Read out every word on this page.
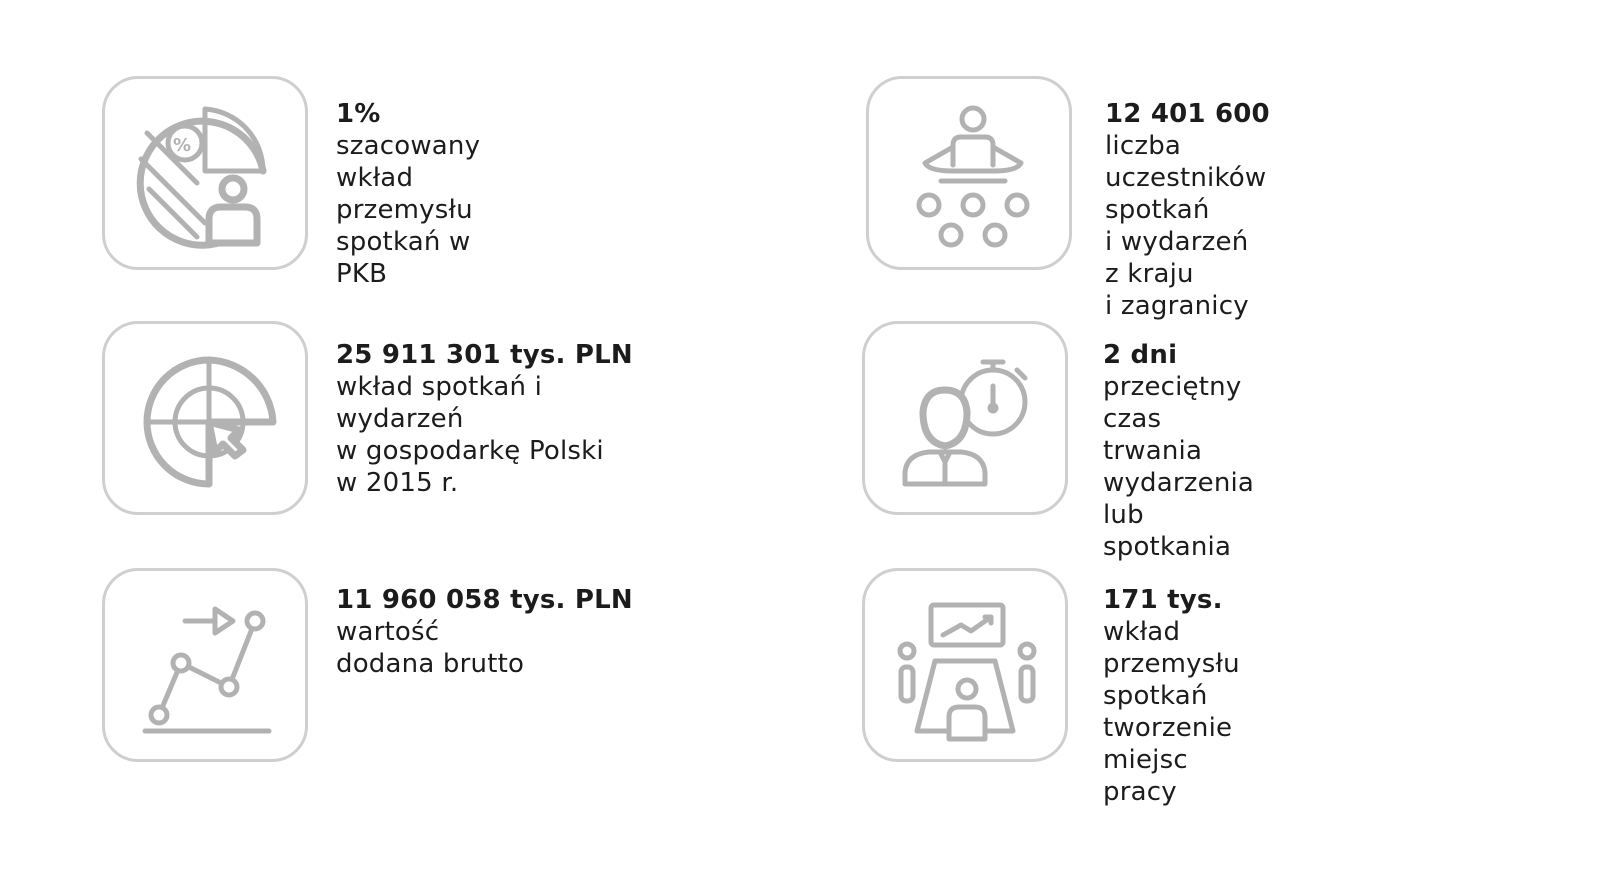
%
1%
szacowany wkład przemysłu
spotkań w PKB
12 401 600
liczba uczestników spotkań
i wydarzeń z kraju
i zagranicy
25 911 301 tys. PLN
wkład spotkań i wydarzeń
w gospodarkę Polski
w 2015 r.
2 dni
przeciętny czas trwania
wydarzenia lub spotkania
11 960 058 tys. PLN wartość
dodana brutto
171 tys.
wkład przemysłu spotkań
tworzenie miejsc pracy
